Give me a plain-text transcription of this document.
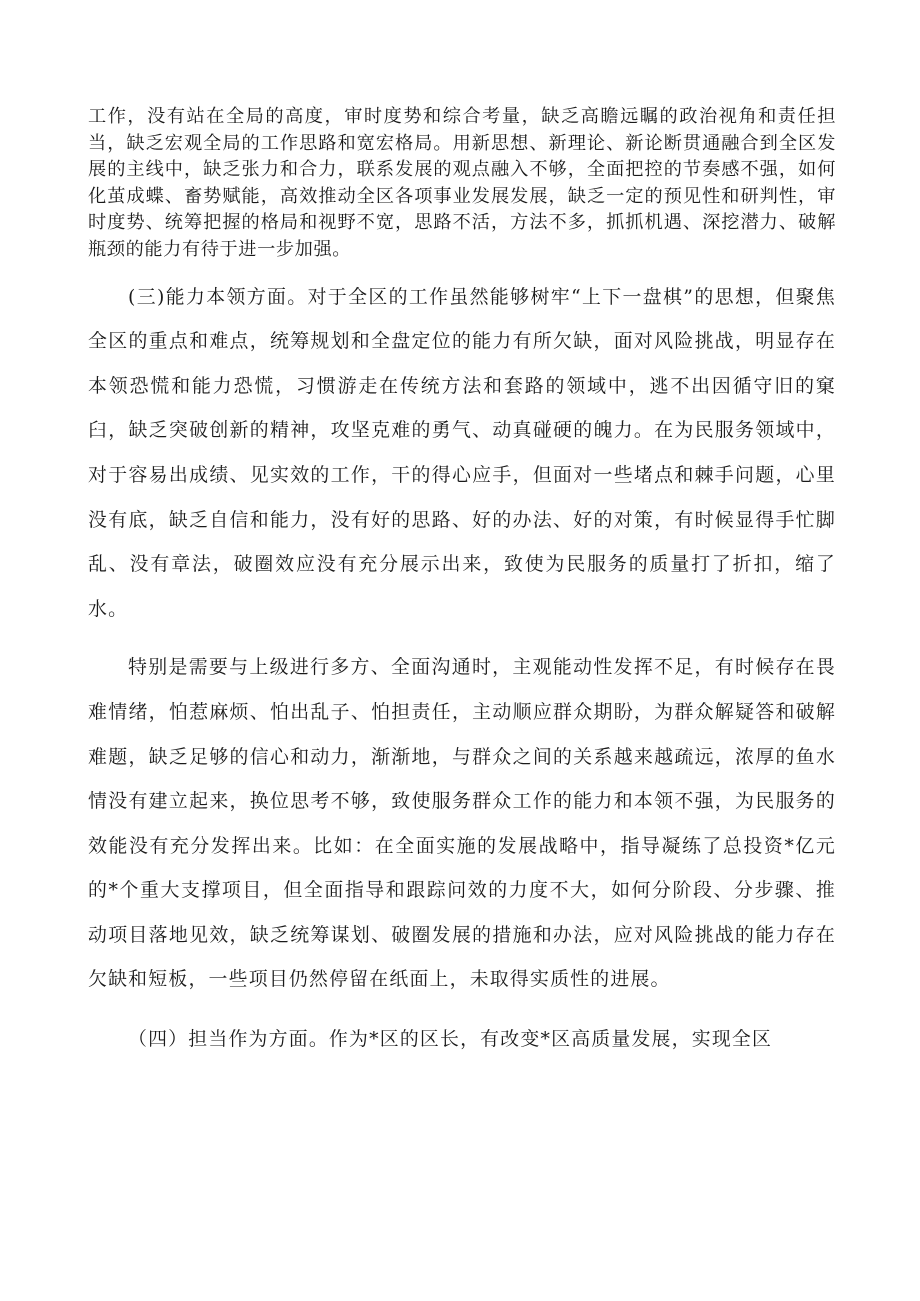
工作，没有站在全局的高度，审时度势和综合考量，缺乏高瞻远瞩的政治视角和责任担当，缺乏宏观全局的工作思路和宽宏格局。用新思想、新理论、新论断贯通融合到全区发展的主线中，缺乏张力和合力，联系发展的观点融入不够，全面把控的节奏感不强，如何化茧成蝶、畜势赋能，高效推动全区各项事业发展发展，缺乏一定的预见性和研判性，审时度势、统筹把握的格局和视野不宽，思路不活，方法不多，抓抓机遇、深挖潜力、破解瓶颈的能力有待于进一步加强。

(三)能力本领方面。对于全区的工作虽然能够树牢“上下一盘棋”的思想，但聚焦全区的重点和难点，统筹规划和全盘定位的能力有所欠缺，面对风险挑战，明显存在本领恐慌和能力恐慌，习惯游走在传统方法和套路的领域中，逃不出因循守旧的窠臼，缺乏突破创新的精神，攻坚克难的勇气、动真碰硬的魄力。在为民服务领域中，对于容易出成绩、见实效的工作，干的得心应手，但面对一些堵点和棘手问题，心里没有底，缺乏自信和能力，没有好的思路、好的办法、好的对策，有时候显得手忙脚乱、没有章法，破圈效应没有充分展示出来，致使为民服务的质量打了折扣，缩了水。

特别是需要与上级进行多方、全面沟通时，主观能动性发挥不足，有时候存在畏难情绪，怕惹麻烦、怕出乱子、怕担责任，主动顺应群众期盼，为群众解疑答和破解难题，缺乏足够的信心和动力，渐渐地，与群众之间的关系越来越疏远，浓厚的鱼水情没有建立起来，换位思考不够，致使服务群众工作的能力和本领不强，为民服务的效能没有充分发挥出来。比如：在全面实施的发展战略中，指导凝练了总投资*亿元的*个重大支撑项目，但全面指导和跟踪问效的力度不大，如何分阶段、分步骤、推动项目落地见效，缺乏统筹谋划、破圈发展的措施和办法，应对风险挑战的能力存在欠缺和短板，一些项目仍然停留在纸面上，未取得实质性的进展。

（四）担当作为方面。作为*区的区长，有改变*区高质量发展，实现全区
